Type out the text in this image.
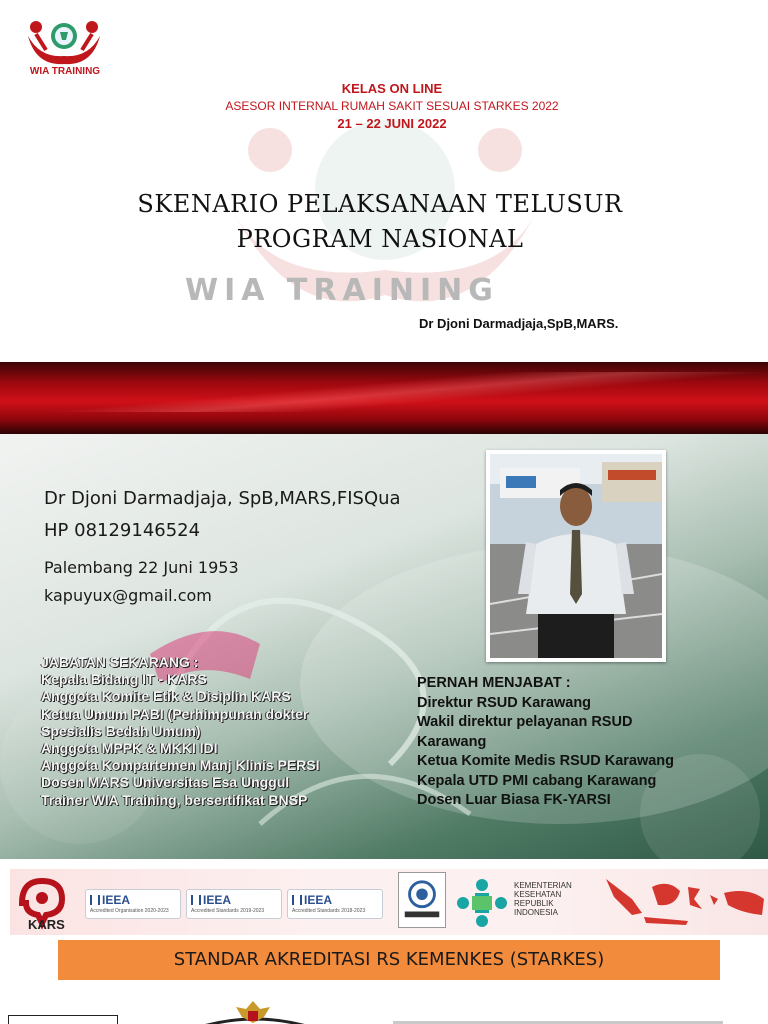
WIA TRAINING
WIA TRAINING
KELAS ON LINE
ASESOR INTERNAL RUMAH SAKIT SESUAI STARKES 2022
21 – 22 JUNI 2022
SKENARIO PELAKSANAAN TELUSUR
PROGRAM NASIONAL
Dr Djoni Darmadjaja,SpB,MARS.
Dr Djoni Darmadjaja, SpB,MARS,FISQua
HP 08129146524
Palembang 22 Juni 1953
kapuyux@gmail.com
JABATAN SEKARANG :
Kepala Bidang IT - KARS
Anggota Komite Etik & Disiplin KARS
Ketua Umum PABI (Perhimpunan dokter
Spesialis Bedah Umum)
Anggota MPPK & MKKI IDI
Anggota Kompartemen Manj Klinis PERSI
Dosen MARS Universitas Esa Unggul
Trainer WIA Training, bersertifikat BNSP
PERNAH MENJABAT :
Direktur RSUD Karawang
Wakil direktur pelayanan RSUD
Karawang
Ketua Komite Medis RSUD Karawang
Kepala UTD PMI cabang Karawang
Dosen Luar Biasa FK-YARSI
KARS
IEEA
Accredited Organisation 2020-2023
IEEA
Accredited Standards 2019-2023
IEEA
Accredited Standards 2018-2023
KEMENTERIAN
KESEHATAN
REPUBLIK
INDONESIA
STANDAR AKREDITASI RS KEMENKES (STARKES)
